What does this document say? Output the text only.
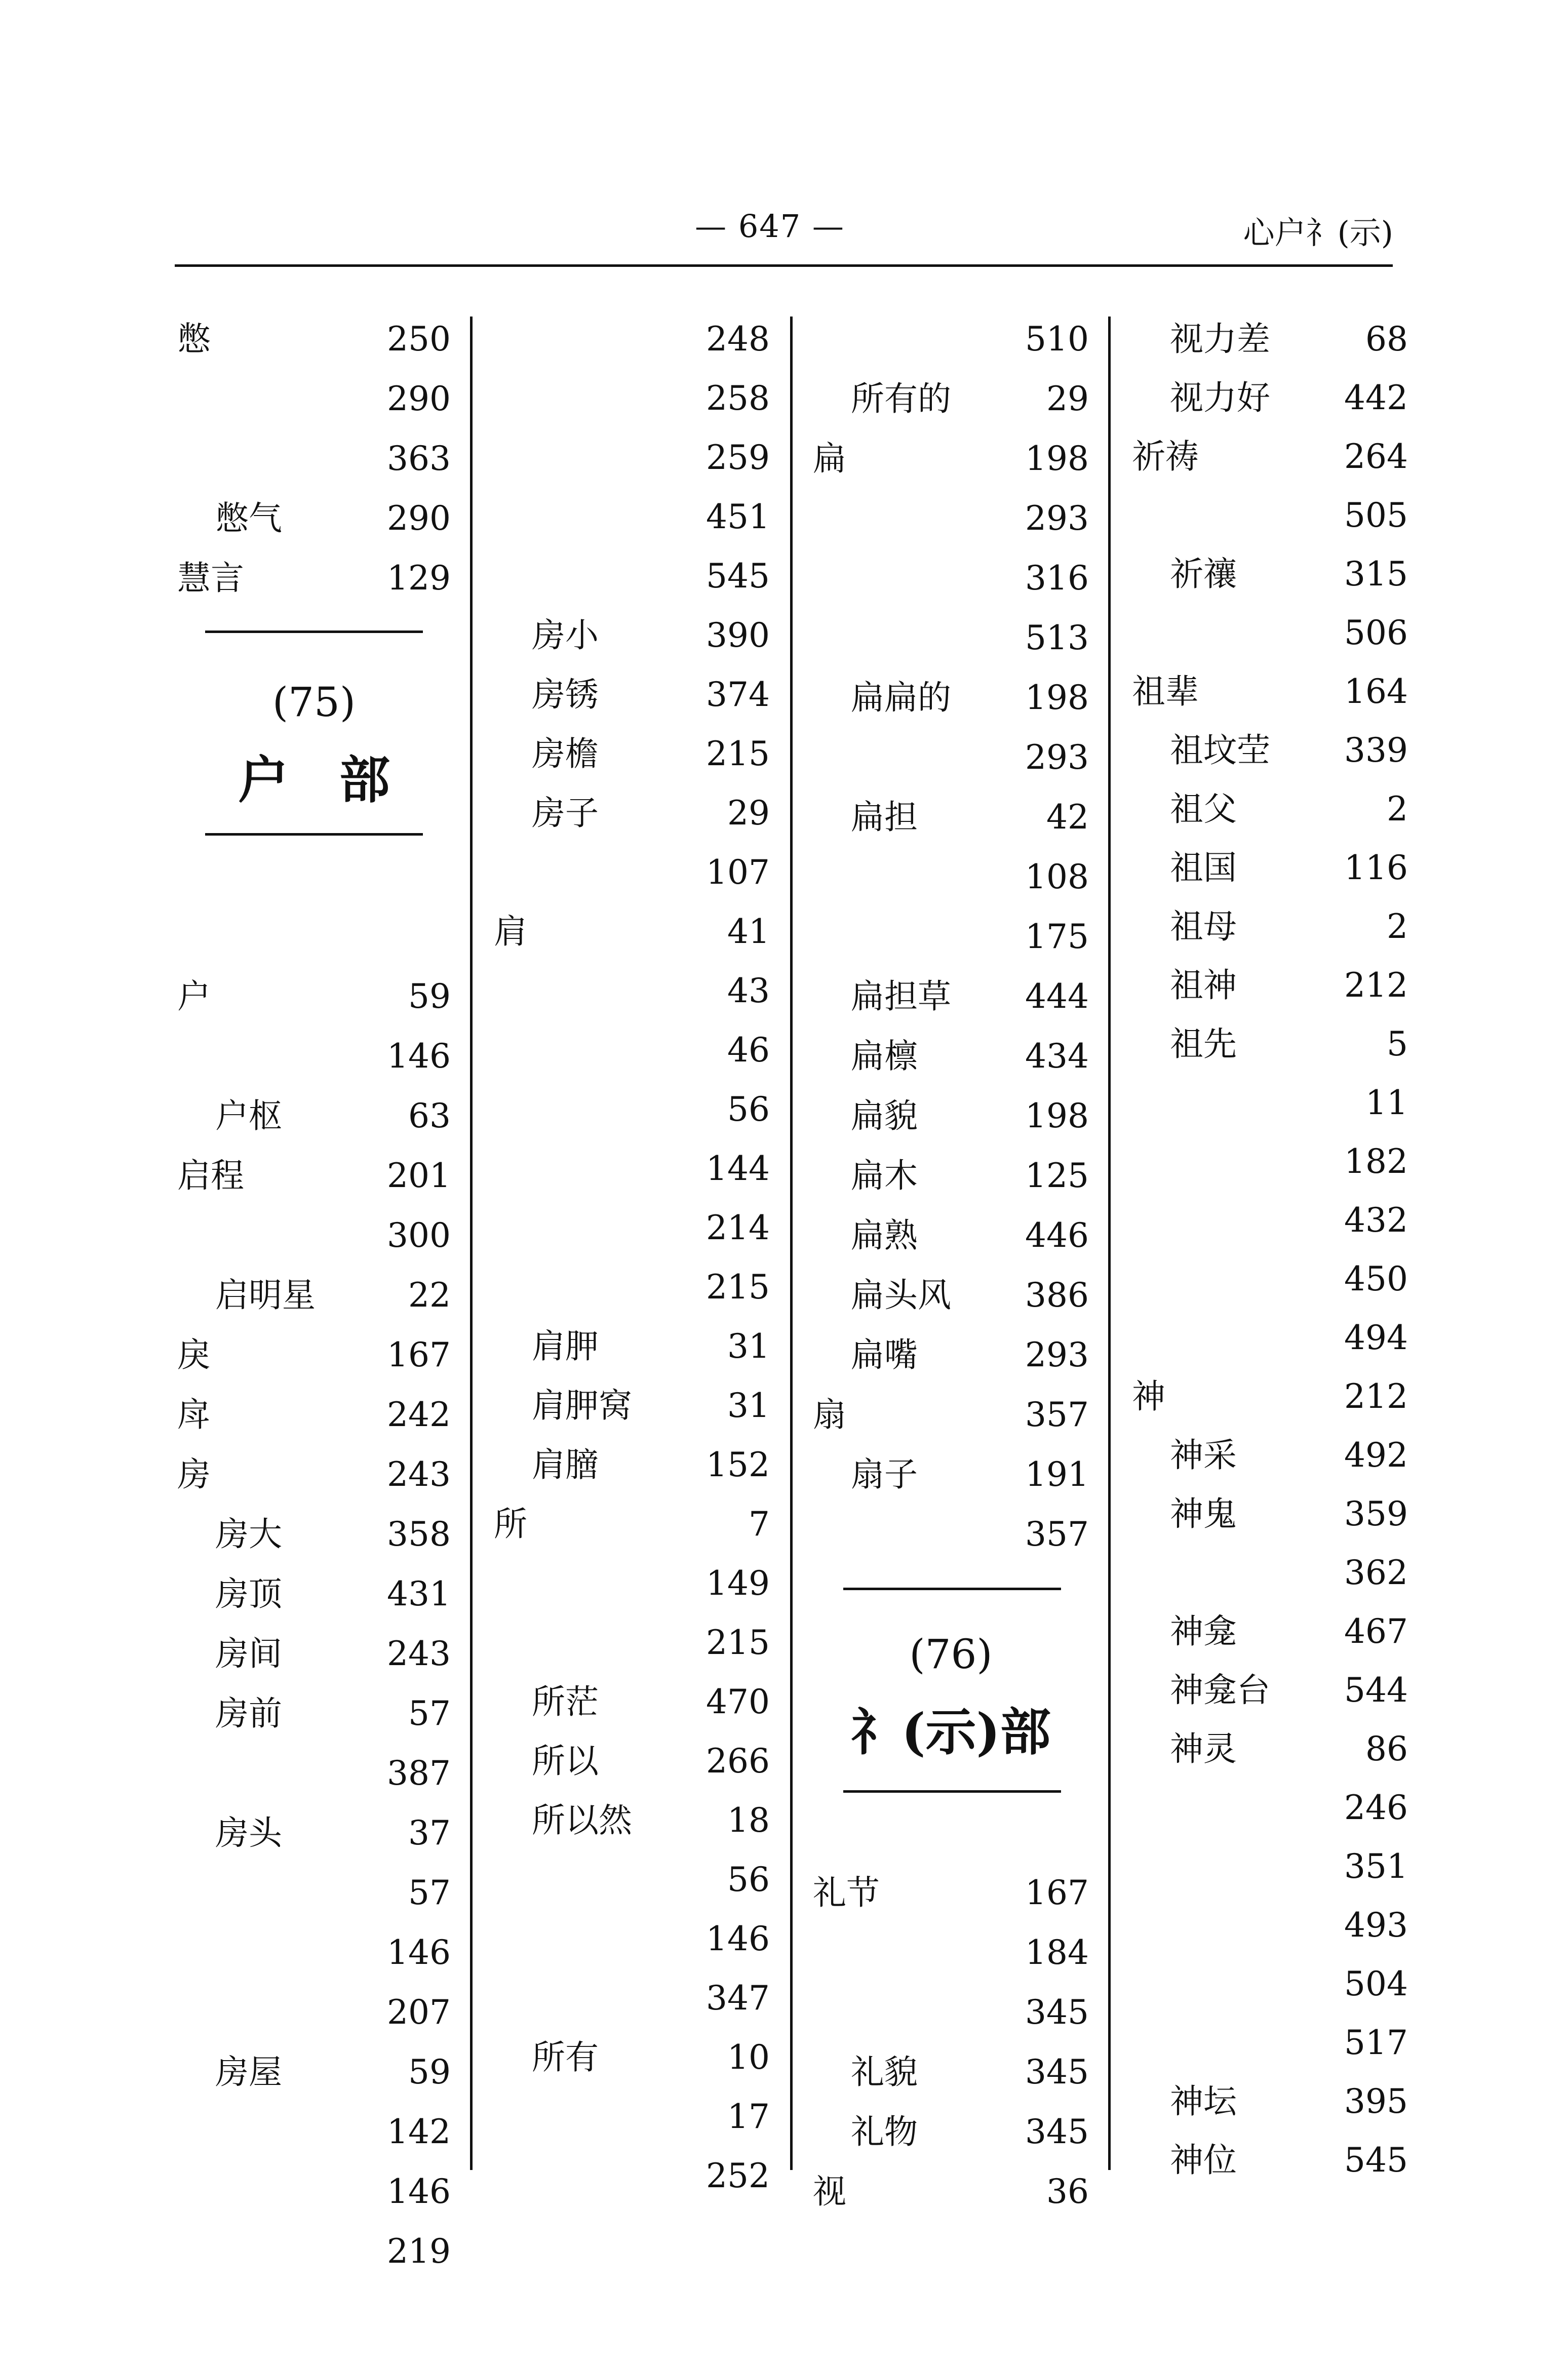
— 647 —	心户礻(示)
(75)
户　部
憋	250
290
363
憋气	290
慧言	129
户	59
146
户枢	63
启程	201
300
启明星	22
戾	167
戽	242
房	243
房大	358
房顶	431
房间	243
房前	57
387
房头	37
57
146
207
房屋	59
142
146
219
248
258
259
451
545
房小	390
房锈	374
房檐	215
房子	29
107
肩	41
43
46
56
144
214
215
肩胛	31
肩胛窝	31
肩膪	152
所	7
149
215
所茫	470
所以	266
所以然	18
56
146
347
所有	10
17
252
(76)
礻(示)部
510
所有的	29
扁	198
293
316
513
扁扁的 198
293
扁担	42
108
175
扁担草 444
扁檩	434
扁貌	198
扁木	125
扁熟	446
扁头风 386
扁嘴	293
扇	357
扇子	191
357
礼节	167
184
345
礼貌	345
礼物	345
视	36
视力差	68
视力好 442
祈祷	264
505
祈禳	315
506
祖辈	164
祖坟茔 339
祖父	2
祖国	116
祖母	2
祖神	212
祖先	5
11
182
432
450
494
神	212
神采	492
神鬼	359
362
神龛	467
神龛台 544
神灵	86
246
351
493
504
517
神坛	395
神位	545
